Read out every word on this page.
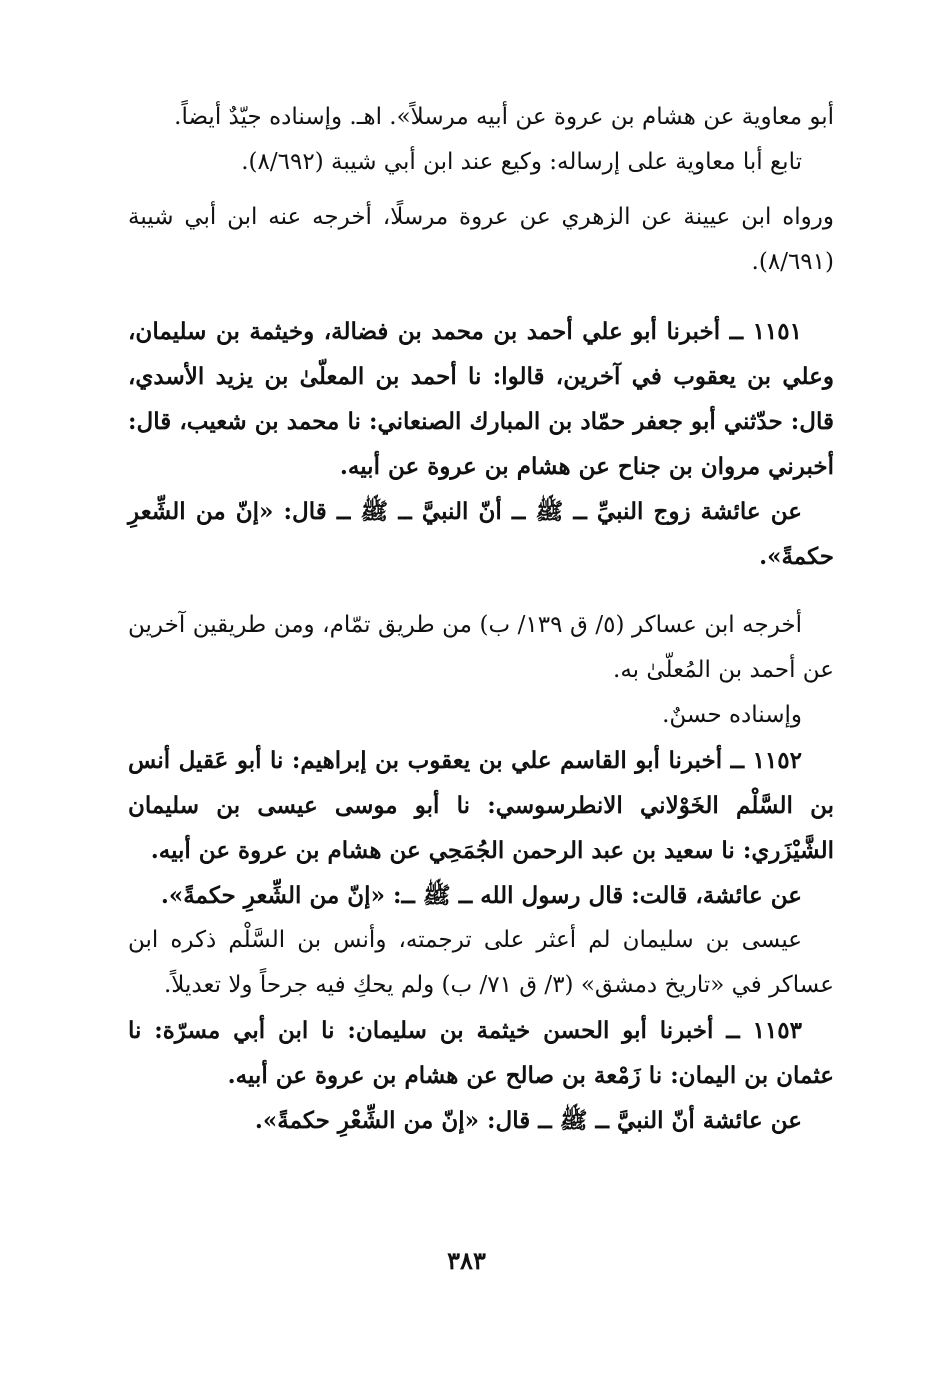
أبو معاوية عن هشام بن عروة عن أبيه مرسلاً». اهـ. وإسناده جيّدٌ أيضاً.

تابع أبا معاوية على إرساله: وكيع عند ابن أبي شيبة (٨/٦٩٢).

ورواه ابن عيينة عن الزهري عن عروة مرسلًا، أخرجه عنه ابن أبي شيبة (٨/٦٩١).

١١٥١ ــ أخبرنا أبو علي أحمد بن محمد بن فضالة، وخيثمة بن سليمان، وعلي بن يعقوب في آخرين، قالوا: نا أحمد بن المعلّىٰ بن يزيد الأسدي، قال: حدّثني أبو جعفر حمّاد بن المبارك الصنعاني: نا محمد بن شعيب، قال: أخبرني مروان بن جناح عن هشام بن عروة عن أبيه.

عن عائشة زوج النبيِّ ــ ﷺ ــ أنّ النبيَّ ــ ﷺ ــ قال: «إنّ من الشِّعرِ حكمةً».

أخرجه ابن عساكر (٥/ ق ١٣٩/ ب) من طريق تمّام، ومن طريقين آخرين عن أحمد بن المُعلّىٰ به.

وإسناده حسنٌ.

١١٥٢ ــ أخبرنا أبو القاسم علي بن يعقوب بن إبراهيم: نا أبو عَقيل أنس بن السَّلْم الخَوْلاني الانطرسوسي: نا أبو موسى عيسى بن سليمان الشَّيْزَري: نا سعيد بن عبد الرحمن الجُمَحِي عن هشام بن عروة عن أبيه.

عن عائشة، قالت: قال رسول الله ــ ﷺ ــ: «إنّ من الشِّعرِ حكمةً».

عيسى بن سليمان لم أعثر على ترجمته، وأنس بن السَّلْم ذكره ابن عساكر في «تاريخ دمشق» (٣/ ق ٧١/ ب) ولم يحكِ فيه جرحاً ولا تعديلاً.

١١٥٣ ــ أخبرنا أبو الحسن خيثمة بن سليمان: نا ابن أبي مسرّة: نا عثمان بن اليمان: نا زَمْعة بن صالح عن هشام بن عروة عن أبيه.

عن عائشة أنّ النبيَّ ــ ﷺ ــ قال: «إنّ من الشِّعْرِ حكمةً».

٣٨٣
